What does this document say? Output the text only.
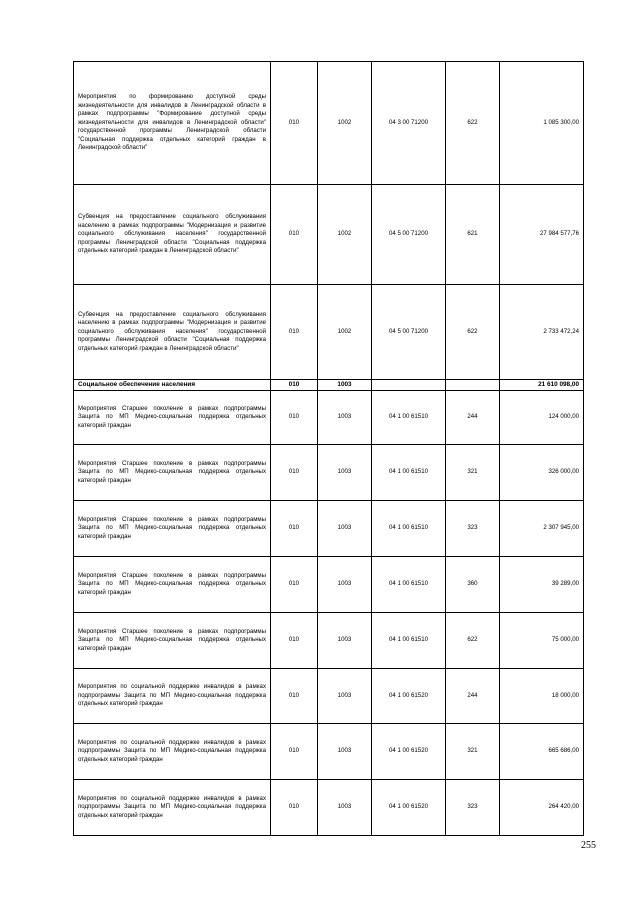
Мероприятия по формированию доступной среды жизнедеятельности для инвалидов в Ленинградской области в рамках подпрограммы "Формирование доступной среды жизнедеятельности для инвалидов в Ленинградской области" государственной программы Ленинградской области "Социальная поддержка отдельных категорий граждан в Ленинградской области"	010	1002	04 3 00 71200	622	1 085 300,00
Субвенция на предоставление социального обслуживания населению в рамках подпрограммы "Модернизация и развитие социального обслуживания населения" государственной программы Ленинградской области "Социальная поддержка отдельных категорий граждан в Ленинградской области"	010	1002	04 5 00 71200	621	27 984 577,76
Субвенция на предоставление социального обслуживания населению в рамках подпрограммы "Модернизация и развитие социального обслуживания населения" государственной программы Ленинградской области "Социальная поддержка отдельных категорий граждан в Ленинградской области"	010	1002	04 5 00 71200	622	2 733 472,24
Социальное обеспечение населения	010	1003			21 610 098,00
Мероприятия Старшее поколение в рамках подпрограммы Защита по МП Медико-социальная поддержка отдельных категорий граждан	010	1003	04 1 00 61510	244	124 000,00
Мероприятия Старшее поколение в рамках подпрограммы Защита по МП Медико-социальная поддержка отдельных категорий граждан	010	1003	04 1 00 61510	321	326 000,00
Мероприятия Старшее поколение в рамках подпрограммы Защита по МП Медико-социальная поддержка отдельных категорий граждан	010	1003	04 1 00 61510	323	2 307 945,00
Мероприятия Старшее поколение в рамках подпрограммы Защита по МП Медико-социальная поддержка отдельных категорий граждан	010	1003	04 1 00 61510	360	39 289,00
Мероприятия Старшее поколение в рамках подпрограммы Защита по МП Медико-социальная поддержка отдельных категорий граждан	010	1003	04 1 00 61510	622	75 000,00
Мероприятия по социальной поддержке инвалидов в рамках подпрограммы Защита по МП Медико-социальная поддержка отдельных категорий граждан	010	1003	04 1 00 61520	244	18 000,00
Мероприятия по социальной поддержке инвалидов в рамках подпрограммы Защита по МП Медико-социальная поддержка отдельных категорий граждан	010	1003	04 1 00 61520	321	665 686,00
Мероприятия по социальной поддержке инвалидов в рамках подпрограммы Защита по МП Медико-социальная поддержка отдельных категорий граждан	010	1003	04 1 00 61520	323	264 420,00
255
